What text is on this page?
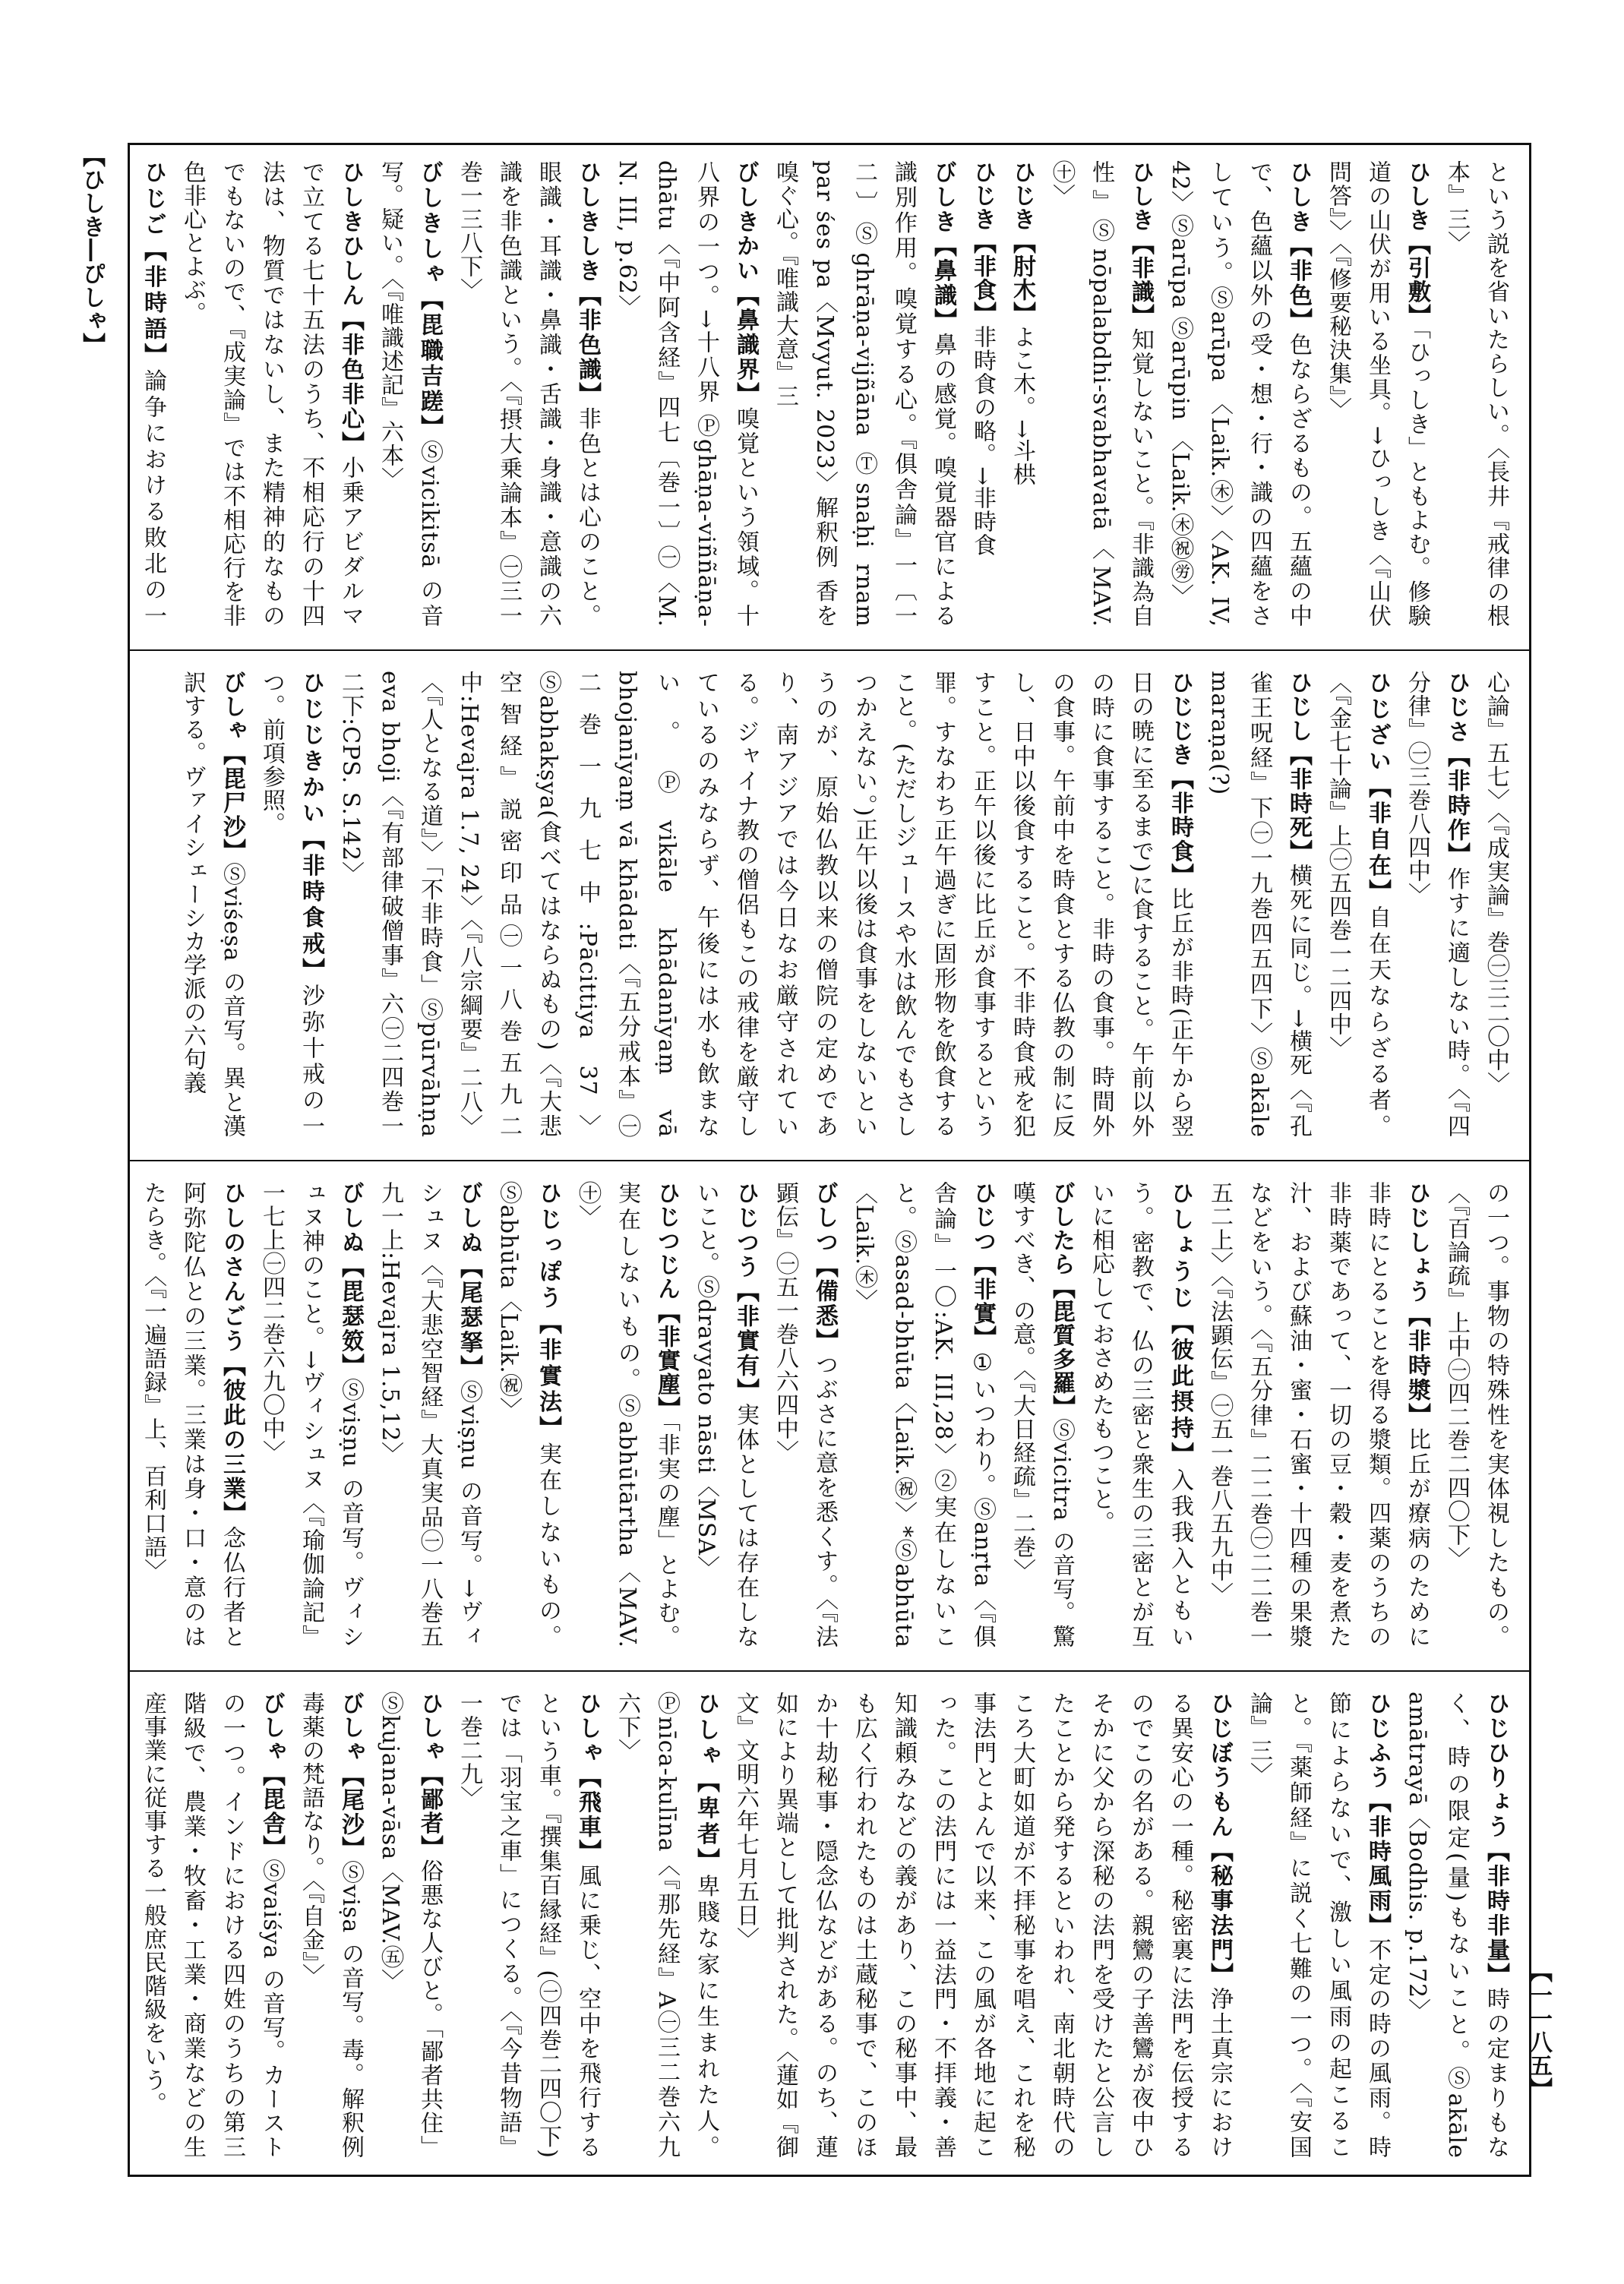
【ひしき―ぴしゃ】
【一一八五】

という説を省いたらしい。〈長井『戒律の根本』三〉

ひしき【引敷】「ひっしき」ともよむ。修験道の山伏が用いる坐具。→ひっしき〈『山伏問答』〉〈『修要秘決集』〉

ひしき【非色】色ならざるもの。五蘊の中で、色蘊以外の受・想・行・識の四蘊をさしていう。Ⓢarūpa 〈Laik.㊍〉〈AK. IV, 42〉Ⓢarūpa Ⓢarūpin 〈Laik.㊍㊗㊘〉

ひしき【非識】知覚しないこと。『非識為自性』Ⓢnōpalabdhi-svabhavatā〈MAV.㊉〉

ひじき【肘木】よこ木。→斗栱

ひじき【非食】非時食の略。→非時食

びしき【鼻識】鼻の感覚。嗅覚器官による識別作用。嗅覚する心。『俱舎論』一〔一二〕Ⓢghrāṇa-vijñāna Ⓣsnaḥi rnam par śes pa〈Mvyut. 2023〉解釈例 香を嗅ぐ心。『唯識大意』三

びしきかい【鼻識界】嗅覚という領域。十八界の一つ。→十八界 Ⓟghāṇa-viññāṇa-dhātu〈『中阿含経』四七〔巻一〕㊀〈M. N. III, p.62〉

ひしきしき【非色識】非色とは心のこと。眼識・耳識・鼻識・舌識・身識・意識の六識を非色識という。〈『摂大乗論本』㊀三一巻一三八下〉

びしきしゃ【毘職吉蹉】Ⓢvicikitsā の音写。疑い。〈『唯識述記』六本〉

ひしきひしん【非色非心】小乗アビダルマで立てる七十五法のうち、不相応行の十四法は、物質ではないし、また精神的なものでもないので、『成実論』では不相応行を非色非心とよぶ。

ひじご【非時語】論争における敗北の一

心論』五七〉〈『成実論』巻㊀三二〇中〉

ひじさ【非時作】作すに適しない時。〈『四分律』㊀三巻八四中〉

ひじざい【非自在】自在天ならざる者。〈『金七十論』上㊀五四巻一二四中〉

ひじし【非時死】横死に同じ。→横死〈『孔雀王呪経』下㊀一九巻四五四下〉Ⓢakāle maraṇa(?)

ひじじき【非時食】比丘が非時(正午から翌日の暁に至るまで)に食すること。午前以外の時に食事すること。非時の食事。時間外の食事。午前中を時食とする仏教の制に反し、日中以後食すること。不非時食戒を犯すこと。正午以後に比丘が食事するという罪。すなわち正午過ぎに固形物を飲食すること。(ただしジュースや水は飲んでもさしつかえない。)正午以後は食事をしないというのが、原始仏教以来の僧院の定めであり、南アジアでは今日なお厳守されている。ジャイナ教の僧侶もこの戒律を厳守しているのみならず、午後には水も飲まない。Ⓟvikāle khādanīyaṃ vā bhojanīyaṃ vā khādati〈『五分戒本』㊀二巻一九七中:Pācittiya 37〉Ⓢabhakṣya(食べてはならぬもの)〈『大悲空智経』説密印品㊀一八巻五九二中:Hevajra 1.7, 24〉〈『八宗綱要』二八〉〈『人となる道』〉「不非時食」Ⓢpūrvāhṇa eva bhoji〈『有部律破僧事』六㊀二四巻一二下:CPS. S.142〉

ひじじきかい【非時食戒】沙弥十戒の一つ。前項参照。

びしゃ【毘尸沙】Ⓢviśeṣa の音写。異と漢訳する。ヴァイシェーシカ学派の六句義

の一つ。事物の特殊性を実体視したもの。〈『百論疏』上中㊀四二巻二四〇下〉

ひじしょう【非時漿】比丘が療病のために非時にとることを得る漿類。四薬のうちの非時薬であって、一切の豆・穀・麦を煮た汁、および蘇油・蜜・石蜜・十四種の果漿などをいう。〈『五分律』二二巻㊀二二巻一五二上〉〈『法顕伝』㊀五一巻八五九中〉

ひしょうじ【彼此摂持】入我我入ともいう。密教で、仏の三密と衆生の三密とが互いに相応しておさめたもつこと。

びしたら【毘質多羅】Ⓢvicitra の音写。驚嘆すべき、の意。〈『大日経疏』二巻〉

ひじつ【非實】①いつわり。Ⓢanṛta〈『俱舎論』一〇:AK. III,28〉②実在しないこと。Ⓢasad-bhūta〈Laik.㊗〉*Ⓢabhūta〈Laik.㊍〉

びしつ【備悉】つぶさに意を悉くす。〈『法顕伝』㊀五一巻八六四中〉

ひじつう【非實有】実体としては存在しないこと。Ⓢdravyato nāsti〈MSA〉

ひじつじん【非實塵】「非実の塵」とよむ。実在しないもの。Ⓢabhūtārtha〈MAV.㊉〉

ひじっぽう【非實法】実在しないもの。Ⓢabhūta〈Laik.㊗〉

びしぬ【尾瑟拏】Ⓢviṣṇu の音写。→ヴィシュヌ〈『大悲空智経』大真実品㊀一八巻五九一上:Hevajra 1.5,12〉

びしぬ【毘瑟笯】Ⓢviṣṇu の音写。ヴィシュヌ神のこと。→ヴィシュヌ〈『瑜伽論記』一七上㊀四二巻六九〇中〉

ひしのさんごう【彼此の三業】念仏行者と阿弥陀仏との三業。三業は身・口・意のはたらき。〈『一遍語録』上、百利口語〉

ひじひりょう【非時非量】時の定まりもなく、時の限定(量)もないこと。Ⓢakāle amātrayā〈Bodhis. p.172〉

ひじふう【非時風雨】不定の時の風雨。時節によらないで、激しい風雨の起こること。『薬師経』に説く七難の一つ。〈『安国論』三〉

ひじぼうもん【秘事法門】浄土真宗における異安心の一種。秘密裏に法門を伝授するのでこの名がある。親鸞の子善鸞が夜中ひそかに父から深秘の法門を受けたと公言したことから発するといわれ、南北朝時代のころ大町如道が不拝秘事を唱え、これを秘事法門とよんで以来、この風が各地に起こった。この法門には一益法門・不拝義・善知識頼みなどの義があり、この秘事中、最も広く行われたものは土蔵秘事で、このほか十劫秘事・隠念仏などがある。のち、蓮如により異端として批判された。〈蓮如『御文』文明六年七月五日〉

ひしゃ【卑者】卑賤な家に生まれた人。Ⓟnīca-kulīna〈『那先経』A㊀三二巻六九六下〉

ひしゃ【飛車】風に乗じ、空中を飛行するという車。『撰集百縁経』(㊀四巻二四〇下)では「羽宝之車」につくる。〈『今昔物語』一巻二九〉

ひしゃ【鄙者】俗悪な人びと。「鄙者共住」Ⓢkujana-vāsa〈MAV.㊄〉

びしゃ【尾沙】Ⓢviṣa の音写。毒。解釈例 毒薬の梵語なり。〈『自金』〉

びしゃ【毘舎】Ⓢvaiśya の音写。カーストの一つ。インドにおける四姓のうちの第三階級で、農業・牧畜・工業・商業などの生産事業に従事する一般庶民階級をいう。
